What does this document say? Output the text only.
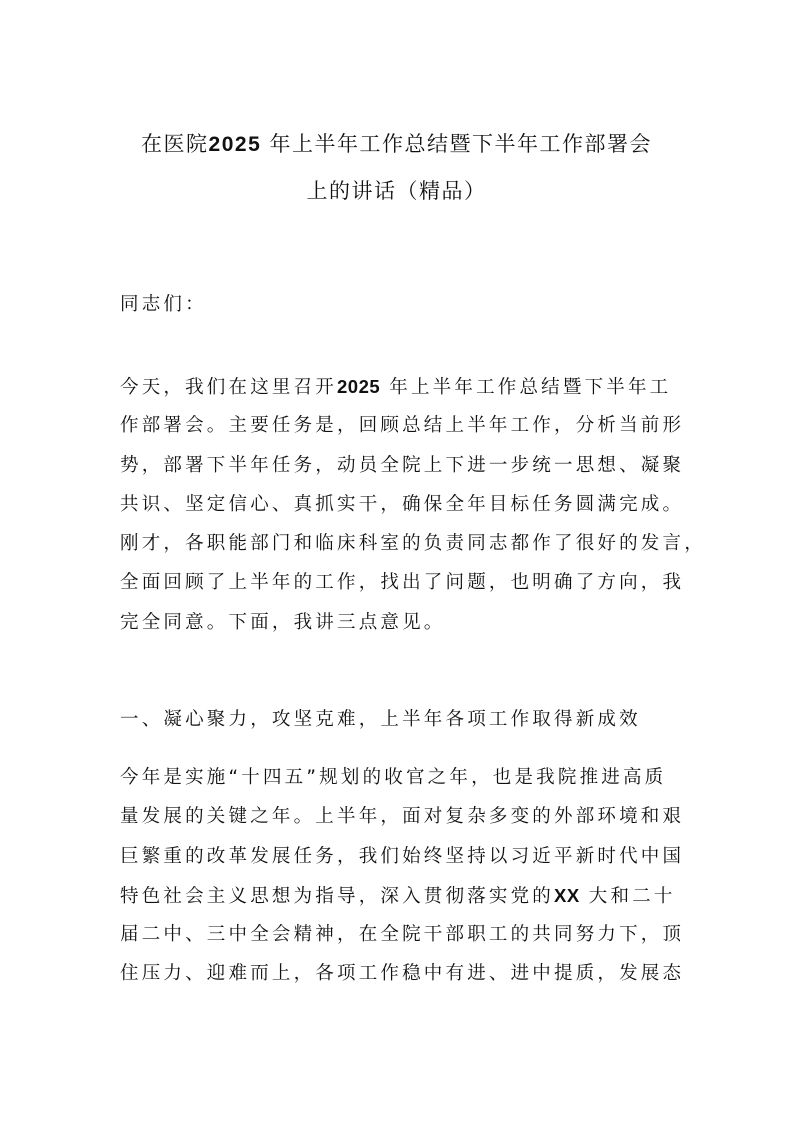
在医院2025 年上半年工作总结暨下半年工作部署会
上的讲话（精品）
同志们：
今天，我们在这里召开2025 年上半年工作总结暨下半年工
作部署会。主要任务是，回顾总结上半年工作，分析当前形
势，部署下半年任务，动员全院上下进一步统一思想、凝聚
共识、坚定信心、真抓实干，确保全年目标任务圆满完成。
刚才，各职能部门和临床科室的负责同志都作了很好的发言，
全面回顾了上半年的工作，找出了问题，也明确了方向，我
完全同意。下面，我讲三点意见。
一、凝心聚力，攻坚克难，上半年各项工作取得新成效
今年是实施“十四五”规划的收官之年，也是我院推进高质
量发展的关键之年。上半年，面对复杂多变的外部环境和艰
巨繁重的改革发展任务，我们始终坚持以习近平新时代中国
特色社会主义思想为指导，深入贯彻落实党的XX 大和二十
届二中、三中全会精神，在全院干部职工的共同努力下，顶
住压力、迎难而上，各项工作稳中有进、进中提质，发展态
